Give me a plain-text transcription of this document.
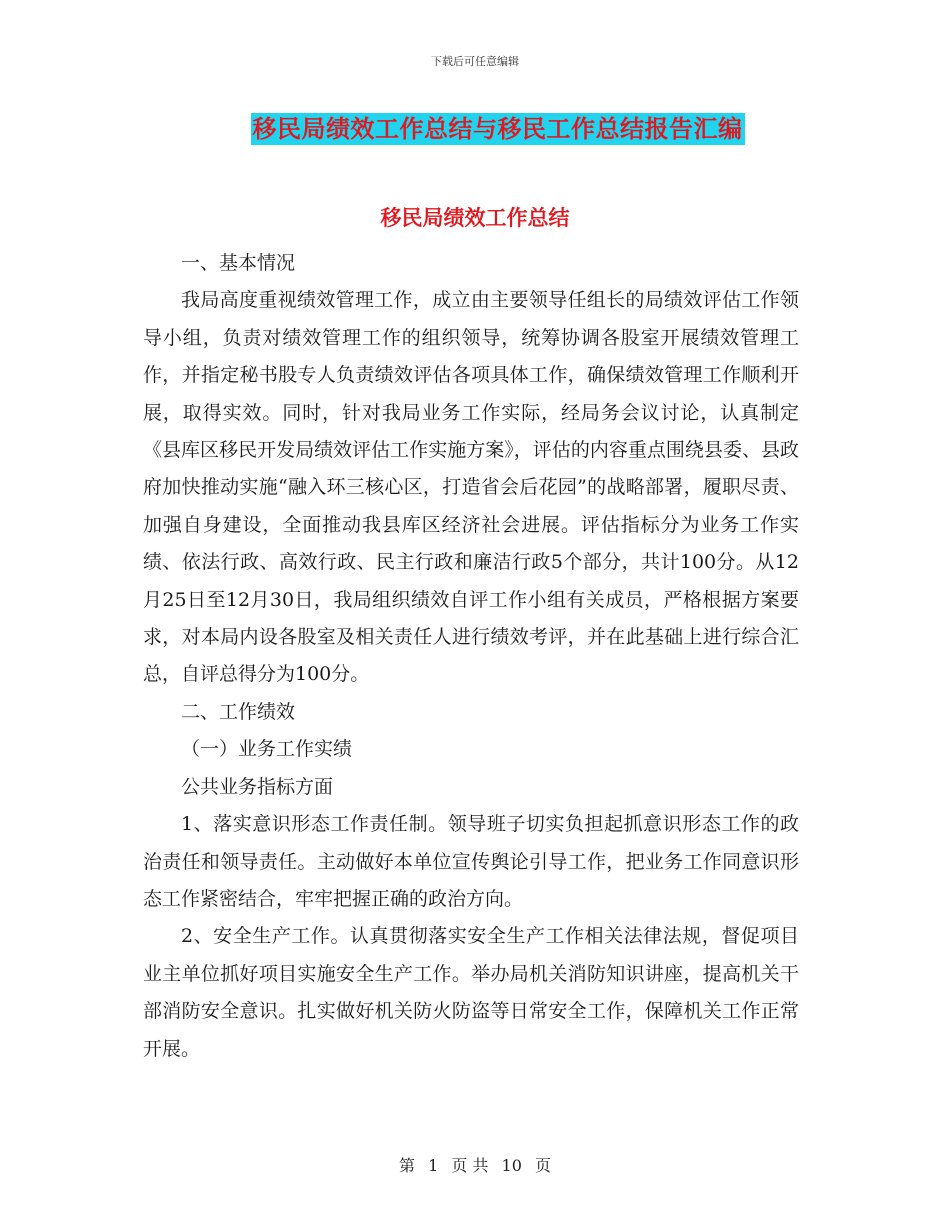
下载后可任意编辑
移民局绩效工作总结与移民工作总结报告汇编
移民局绩效工作总结

一、基本情况

我局高度重视绩效管理工作，成立由主要领导任组长的局绩效评估工作领导小组，负责对绩效管理工作的组织领导，统筹协调各股室开展绩效管理工作，并指定秘书股专人负责绩效评估各项具体工作，确保绩效管理工作顺利开展，取得实效。同时，针对我局业务工作实际，经局务会议讨论，认真制定《县库区移民开发局绩效评估工作实施方案》，评估的内容重点围绕县委、县政府加快推动实施“融入环三核心区，打造省会后花园”的战略部署，履职尽责、加强自身建设，全面推动我县库区经济社会进展。评估指标分为业务工作实绩、依法行政、高效行政、民主行政和廉洁行政5个部分，共计100分。从12月25日至12月30日，我局组织绩效自评工作小组有关成员，严格根据方案要求，对本局内设各股室及相关责任人进行绩效考评，并在此基础上进行综合汇总，自评总得分为100分。

二、工作绩效

（一）业务工作实绩

公共业务指标方面

1、落实意识形态工作责任制。领导班子切实负担起抓意识形态工作的政治责任和领导责任。主动做好本单位宣传舆论引导工作，把业务工作同意识形态工作紧密结合，牢牢把握正确的政治方向。

2、安全生产工作。认真贯彻落实安全生产工作相关法律法规，督促项目业主单位抓好项目实施安全生产工作。举办局机关消防知识讲座，提高机关干部消防安全意识。扎实做好机关防火防盗等日常安全工作，保障机关工作正常开展。

第 1 页 共 10 页
